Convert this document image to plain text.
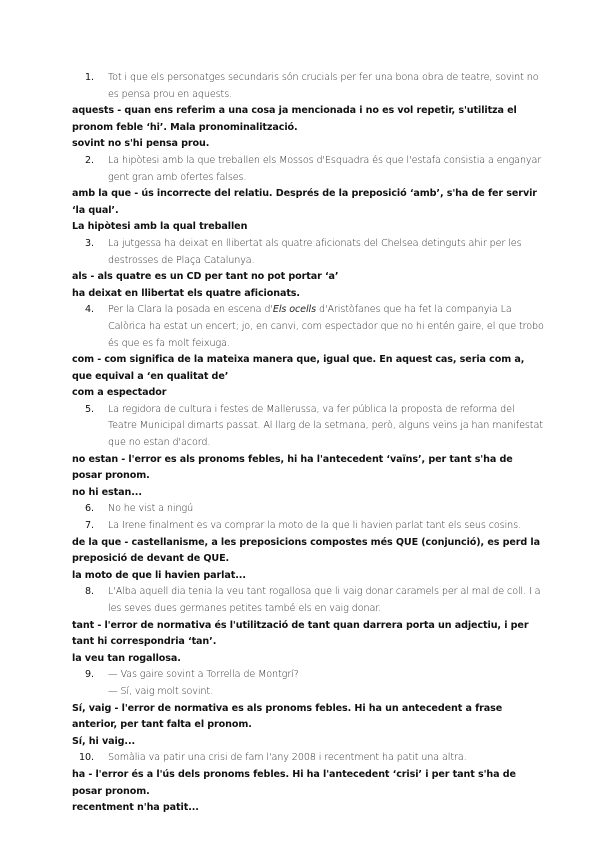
1.	Tot i que els personatges secundaris són crucials per fer una bona obra de teatre, sovint no es pensa prou en aquests.

aquests - quan ens referim a una cosa ja mencionada i no es vol repetir, s'utilitza el pronom feble ‘hi’. Mala pronominalització.

sovint no s'hi pensa prou.

2.	La hipòtesi amb la que treballen els Mossos d'Esquadra és que l'estafa consistia a enganyar gent gran amb ofertes falses.

amb la que - ús incorrecte del relatiu. Després de la preposició ‘amb’, s'ha de fer servir ‘la qual’.

La hipòtesi amb la qual treballen

3.	La jutgessa ha deixat en llibertat als quatre aficionats del Chelsea detinguts ahir per les destrosses de Plaça Catalunya.

als - als quatre es un CD per tant no pot portar ‘a’

ha deixat en llibertat els quatre aficionats.

4.	Per la Clara la posada en escena d'Els ocells d'Aristòfanes que ha fet la companyia La Calòrica ha estat un encert; jo, en canvi, com espectador que no hi entén gaire, el que trobo és que es fa molt feixuga.

com - com significa de la mateixa manera que, igual que. En aquest cas, seria com a, que equival a ‘en qualitat de’

com a espectador

5.	La regidora de cultura i festes de Mallerussa, va fer pública la proposta de reforma del Teatre Municipal dimarts passat. Al llarg de la setmana, però, alguns veïns ja han manifestat que no estan d'acord.

no estan - l'error es als pronoms febles, hi ha l'antecedent ‘vaïns’, per tant s'ha de posar pronom.

no hi estan...

6.	No he vist a ningú
7.	La Irene finalment es va comprar la moto de la que li havien parlat tant els seus cosins.

de la que - castellanisme, a les preposicions compostes més QUE (conjunció), es perd la preposició de devant de QUE.

la moto de que li havien parlat...

8.	L'Alba aquell dia tenia la veu tant rogallosa que li vaig donar caramels per al mal de coll. I a les seves dues germanes petites també els en vaig donar.

tant - l'error de normativa és l'utilització de tant quan darrera porta un adjectiu, i per tant hi correspondria ‘tan’.

la veu tan rogallosa.

9.	— Vas gaire sovint a Torrella de Montgrí?
— Sí, vaig molt sovint.

Sí, vaig - l'error de normativa es als pronoms febles. Hi ha un antecedent a frase anterior, per tant falta el pronom.

Sí, hi vaig...

10.	Somàlia va patir una crisi de fam l'any 2008 i recentment ha patit una altra.

ha - l'error és a l'ús dels pronoms febles. Hi ha l'antecedent ‘crisi’ i per tant s'ha de posar pronom.

recentment n'ha patit...
